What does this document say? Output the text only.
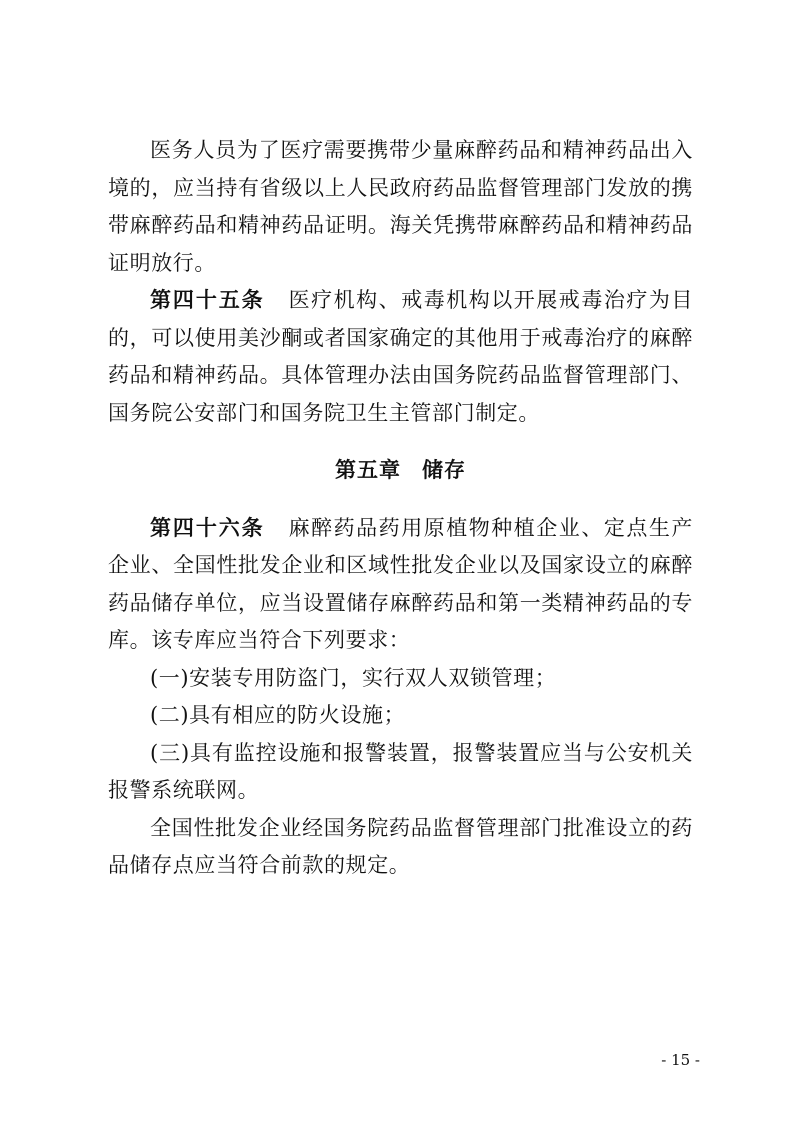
医务人员为了医疗需要携带少量麻醉药品和精神药品出入境的，应当持有省级以上人民政府药品监督管理部门发放的携带麻醉药品和精神药品证明。海关凭携带麻醉药品和精神药品证明放行。

第四十五条 医疗机构、戒毒机构以开展戒毒治疗为目的，可以使用美沙酮或者国家确定的其他用于戒毒治疗的麻醉药品和精神药品。具体管理办法由国务院药品监督管理部门、国务院公安部门和国务院卫生主管部门制定。

第五章 储存

第四十六条 麻醉药品药用原植物种植企业、定点生产企业、全国性批发企业和区域性批发企业以及国家设立的麻醉药品储存单位，应当设置储存麻醉药品和第一类精神药品的专库。该专库应当符合下列要求：

(一)安装专用防盗门，实行双人双锁管理；

(二)具有相应的防火设施；

(三)具有监控设施和报警装置，报警装置应当与公安机关报警系统联网。

全国性批发企业经国务院药品监督管理部门批准设立的药品储存点应当符合前款的规定。

- 15 -
